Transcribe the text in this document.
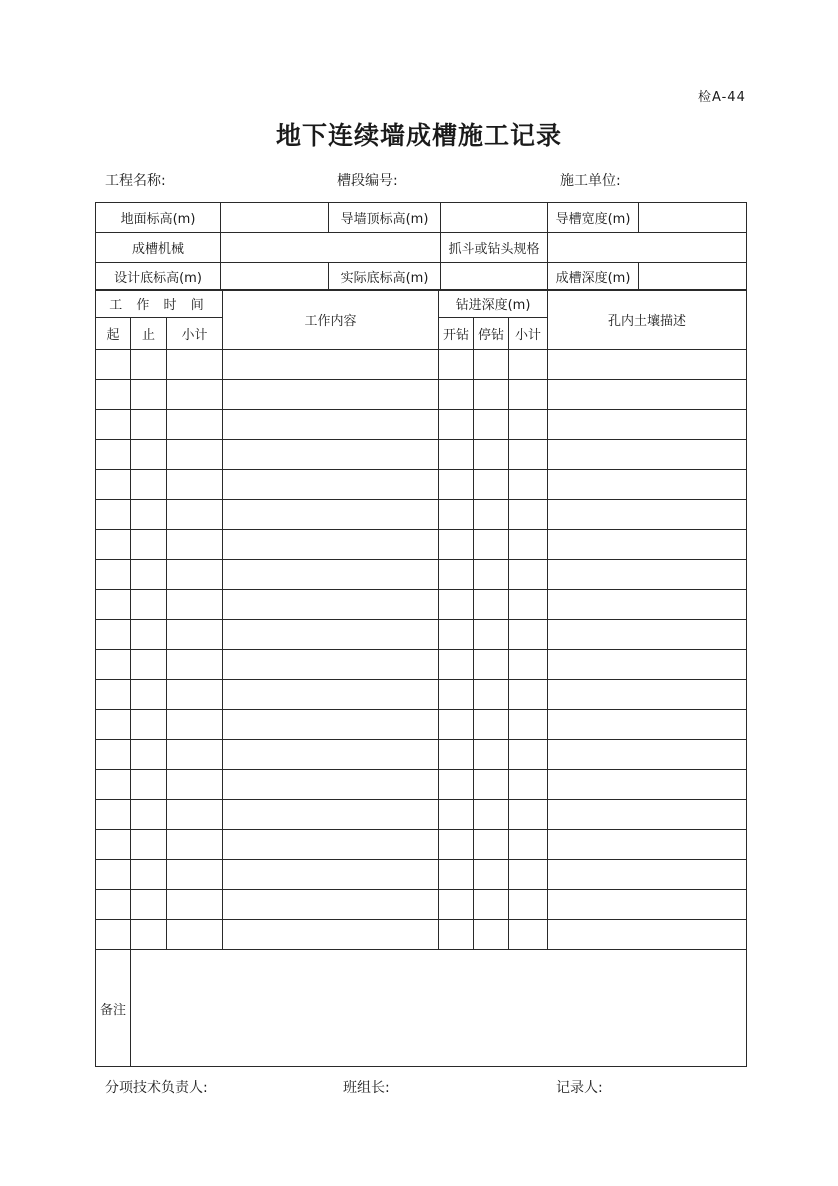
检A-44
地下连续墙成槽施工记录
工程名称:	槽段编号:	施工单位:
地面标高(m)		导墙顶标高(m)		导槽宽度(m)	
成槽机械			抓斗或钻头规格		
设计底标高(m)		实际底标高(m)		成槽深度(m)	
工 作 时 间			工作内容	钻进深度(m)			孔内土壤描述
起	止	小计		开钻	停钻	小计	

备注							
分项技术负责人:	班组长:	记录人:
